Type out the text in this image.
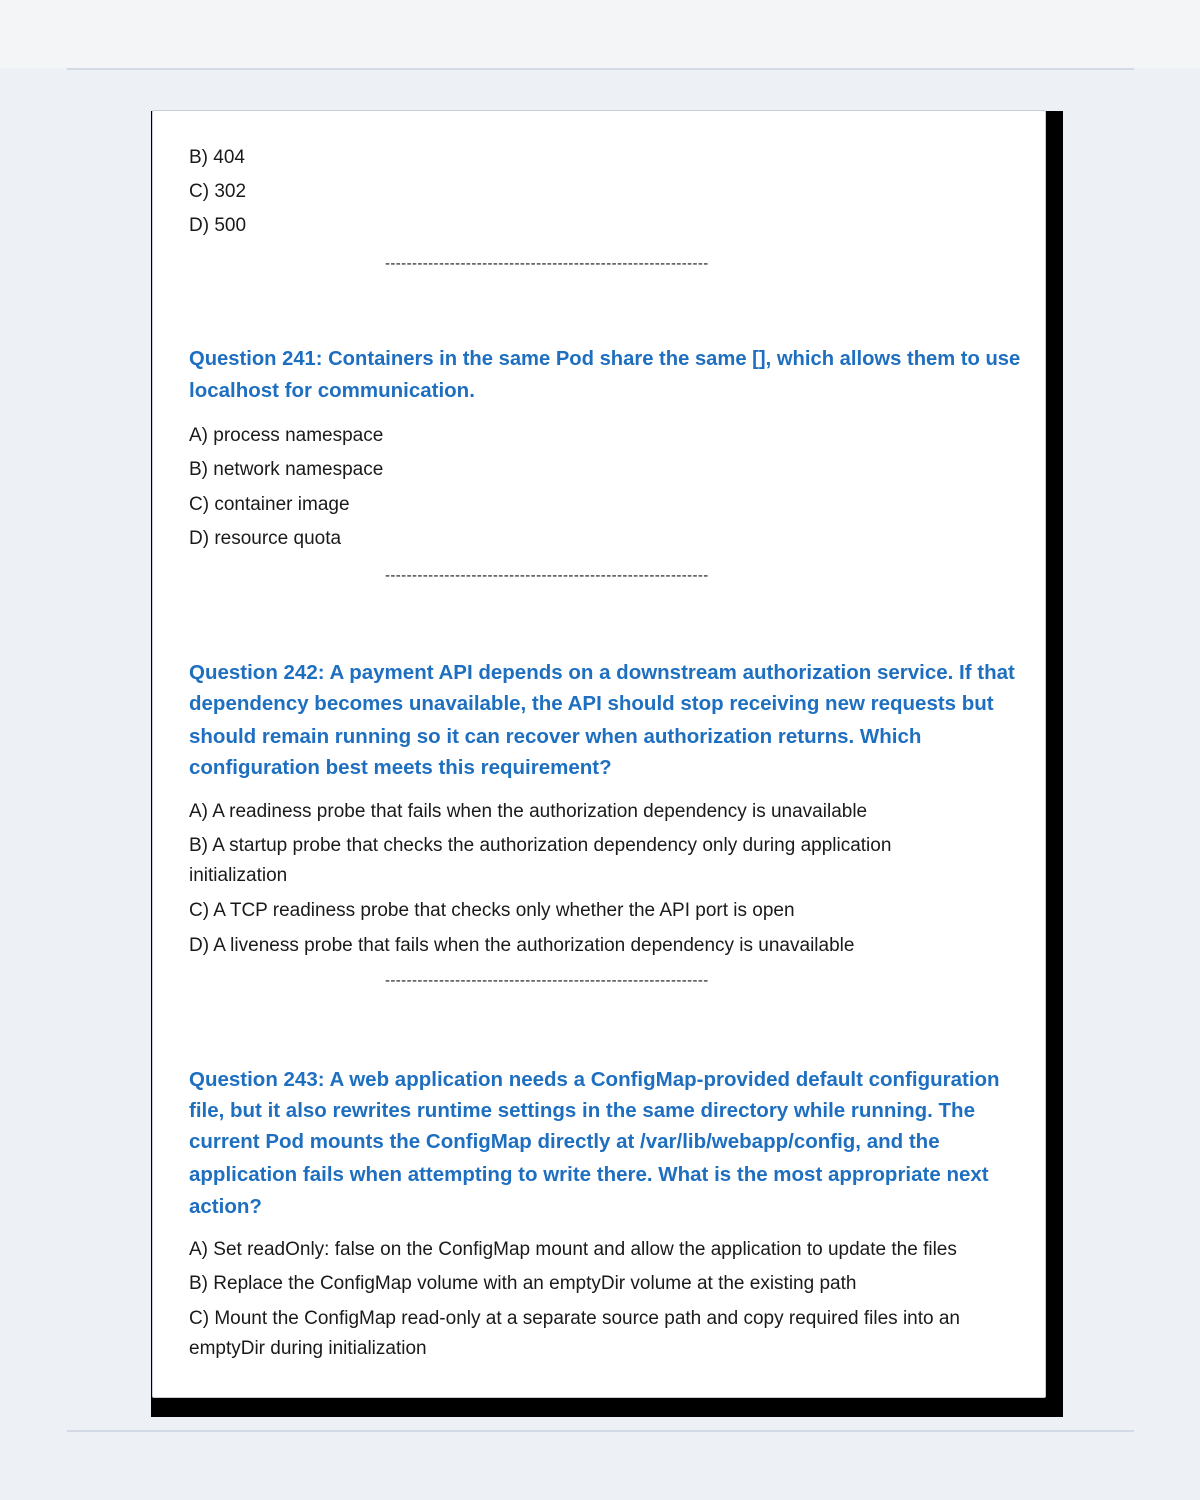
B) 404
C) 302
D) 500
------------------------------------------------------------
Question 241: Containers in the same Pod share the same [], which allows them to use
localhost for communication.
A) process namespace
B) network namespace
C) container image
D) resource quota
------------------------------------------------------------
Question 242: A payment API depends on a downstream authorization service. If that
dependency becomes unavailable, the API should stop receiving new requests but
should remain running so it can recover when authorization returns. Which
configuration best meets this requirement?
A) A readiness probe that fails when the authorization dependency is unavailable
B) A startup probe that checks the authorization dependency only during application
initialization
C) A TCP readiness probe that checks only whether the API port is open
D) A liveness probe that fails when the authorization dependency is unavailable
------------------------------------------------------------
Question 243: A web application needs a ConfigMap-provided default configuration
file, but it also rewrites runtime settings in the same directory while running. The
current Pod mounts the ConfigMap directly at /var/lib/webapp/config, and the
application fails when attempting to write there. What is the most appropriate next
action?
A) Set readOnly: false on the ConfigMap mount and allow the application to update the files
B) Replace the ConfigMap volume with an emptyDir volume at the existing path
C) Mount the ConfigMap read-only at a separate source path and copy required files into an
emptyDir during initialization
